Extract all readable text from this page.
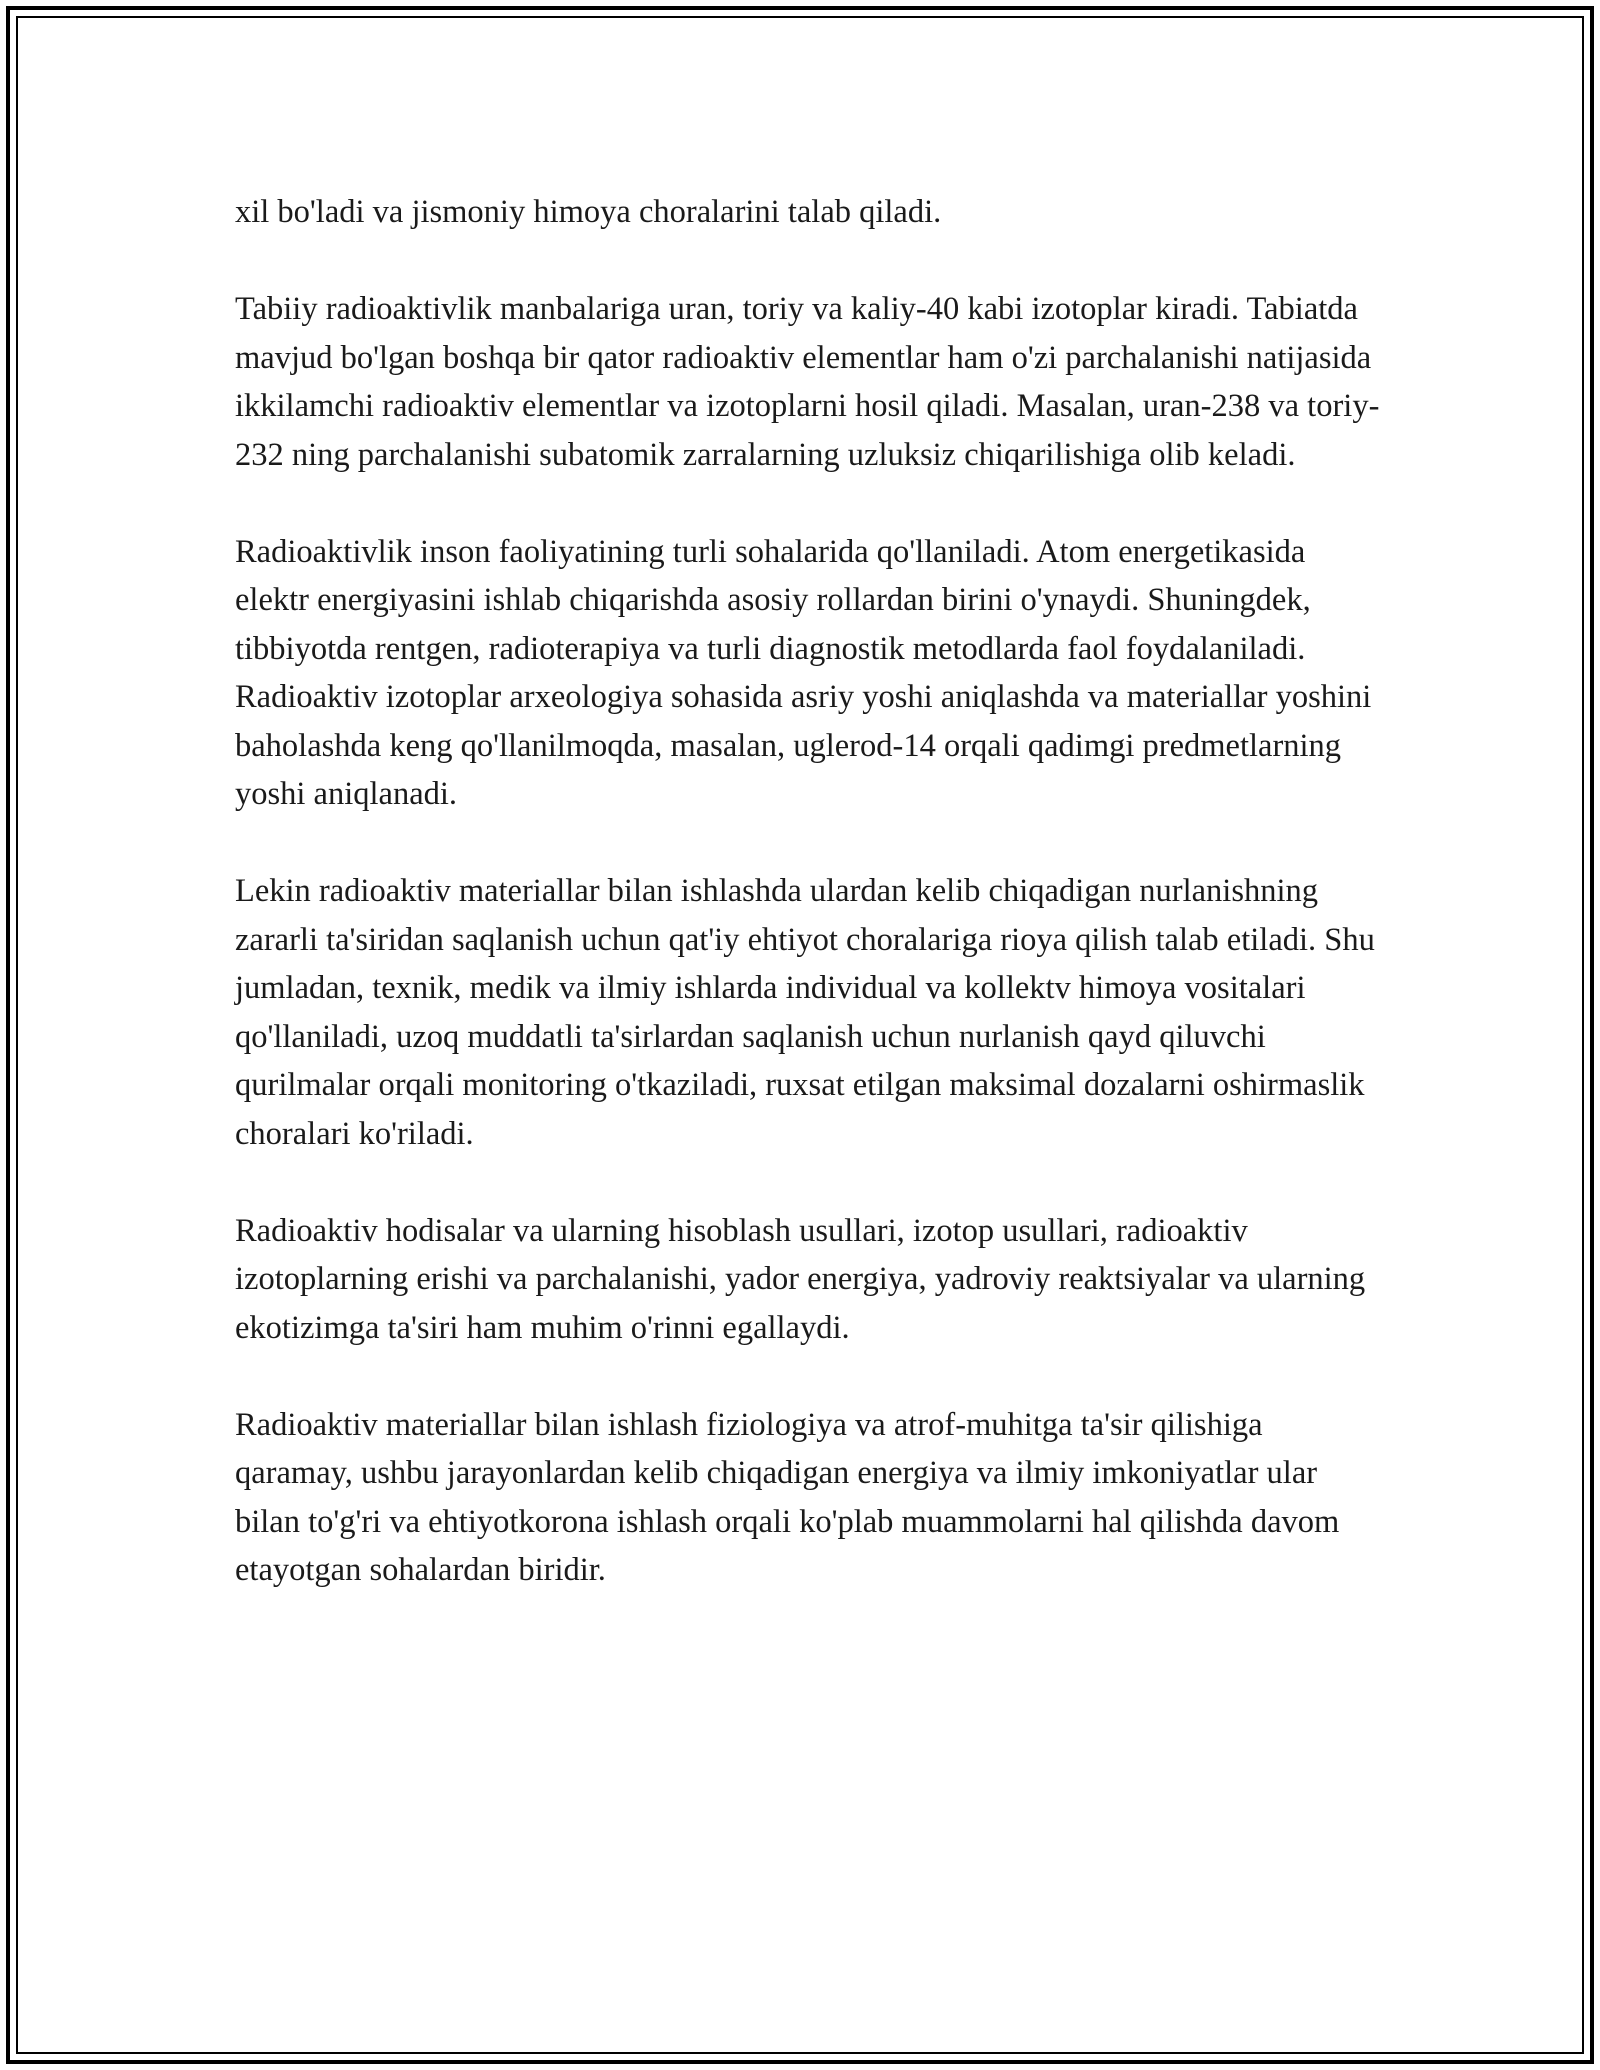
xil bo'ladi va jismoniy himoya choralarini talab qiladi.

Tabiiy radioaktivlik manbalariga uran, toriy va kaliy-40 kabi izotoplar kiradi. Tabiatda mavjud bo'lgan boshqa bir qator radioaktiv elementlar ham o'zi parchalanishi natijasida ikkilamchi radioaktiv elementlar va izotoplarni hosil qiladi. Masalan, uran-238 va toriy-232 ning parchalanishi subatomik zarralarning uzluksiz chiqarilishiga olib keladi.

Radioaktivlik inson faoliyatining turli sohalarida qo'llaniladi. Atom energetikasida elektr energiyasini ishlab chiqarishda asosiy rollardan birini o'ynaydi. Shuningdek, tibbiyotda rentgen, radioterapiya va turli diagnostik metodlarda faol foydalaniladi. Radioaktiv izotoplar arxeologiya sohasida asriy yoshi aniqlashda va materiallar yoshini baholashda keng qo'llanilmoqda, masalan, uglerod-14 orqali qadimgi predmetlarning yoshi aniqlanadi.

Lekin radioaktiv materiallar bilan ishlashda ulardan kelib chiqadigan nurlanishning zararli ta'siridan saqlanish uchun qat'iy ehtiyot choralariga rioya qilish talab etiladi. Shu jumladan, texnik, medik va ilmiy ishlarda individual va kollektv himoya vositalari qo'llaniladi, uzoq muddatli ta'sirlardan saqlanish uchun nurlanish qayd qiluvchi qurilmalar orqali monitoring o'tkaziladi, ruxsat etilgan maksimal dozalarni oshirmaslik choralari ko'riladi.

Radioaktiv hodisalar va ularning hisoblash usullari, izotop usullari, radioaktiv izotoplarning erishi va parchalanishi, yador energiya, yadroviy reaktsiyalar va ularning ekotizimga ta'siri ham muhim o'rinni egallaydi.

Radioaktiv materiallar bilan ishlash fiziologiya va atrof-muhitga ta'sir qilishiga qaramay, ushbu jarayonlardan kelib chiqadigan energiya va ilmiy imkoniyatlar ular bilan to'g'ri va ehtiyotkorona ishlash orqali ko'plab muammolarni hal qilishda davom etayotgan sohalardan biridir.
